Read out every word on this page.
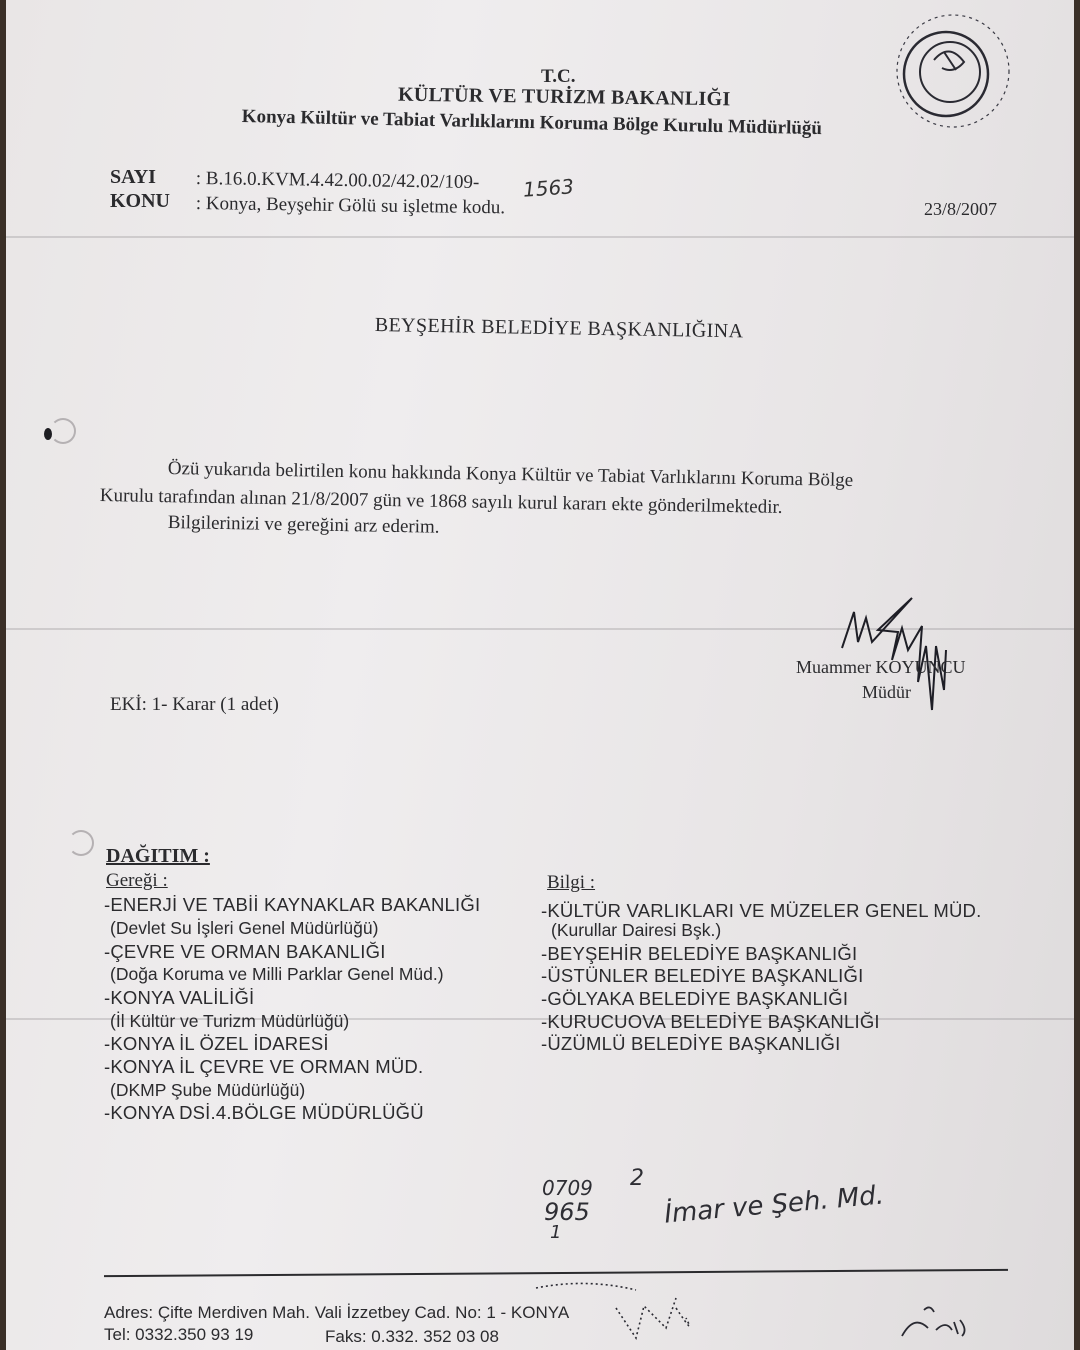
T.C.
KÜLTÜR VE TURİZM BAKANLIĞI
Konya Kültür ve Tabiat Varlıklarını Koruma Bölge Kurulu Müdürlüğü
SAYI : B.16.0.KVM.4.42.00.02/42.02/109- 1563
KONU : Konya, Beyşehir Gölü su işletme kodu.	23/8/2007
BEYŞEHİR BELEDİYE BAŞKANLIĞINA
Özü yukarıda belirtilen konu hakkında Konya Kültür ve Tabiat Varlıklarını Koruma Bölge
Kurulu tarafından alınan 21/8/2007 gün ve 1868 sayılı kurul kararı ekte gönderilmektedir.
Bilgilerinizi ve gereğini arz ederim.
Muammer KOYUNCU
Müdür
EKİ: 1- Karar (1 adet)
DAĞITIM :
Gereği :	Bilgi :
-ENERJİ VE TABİİ KAYNAKLAR BAKANLIĞI
(Devlet Su İşleri Genel Müdürlüğü)
-ÇEVRE VE ORMAN BAKANLIĞI
(Doğa Koruma ve Milli Parklar Genel Müd.)
-KONYA VALİLİĞİ
(İl Kültür ve Turizm Müdürlüğü)
-KONYA İL ÖZEL İDARESİ
-KONYA İL ÇEVRE VE ORMAN MÜD.
(DKMP Şube Müdürlüğü)
-KONYA DSİ.4.BÖLGE MÜDÜRLÜĞÜ
-KÜLTÜR VARLIKLARI VE MÜZELER GENEL MÜD.
(Kurullar Dairesi Bşk.)
-BEYŞEHİR BELEDİYE BAŞKANLIĞI
-ÜSTÜNLER BELEDİYE BAŞKANLIĞI
-GÖLYAKA BELEDİYE BAŞKANLIĞI
-KURUCUOVA BELEDİYE BAŞKANLIĞI
-ÜZÜMLÜ BELEDİYE BAŞKANLIĞI
0709
965
1
2
İmar ve Şeh. Md.
Adres: Çifte Merdiven Mah. Vali İzzetbey Cad. No: 1 - KONYA
Tel: 0332.350 93 19	Faks: 0.332. 352 03 08
